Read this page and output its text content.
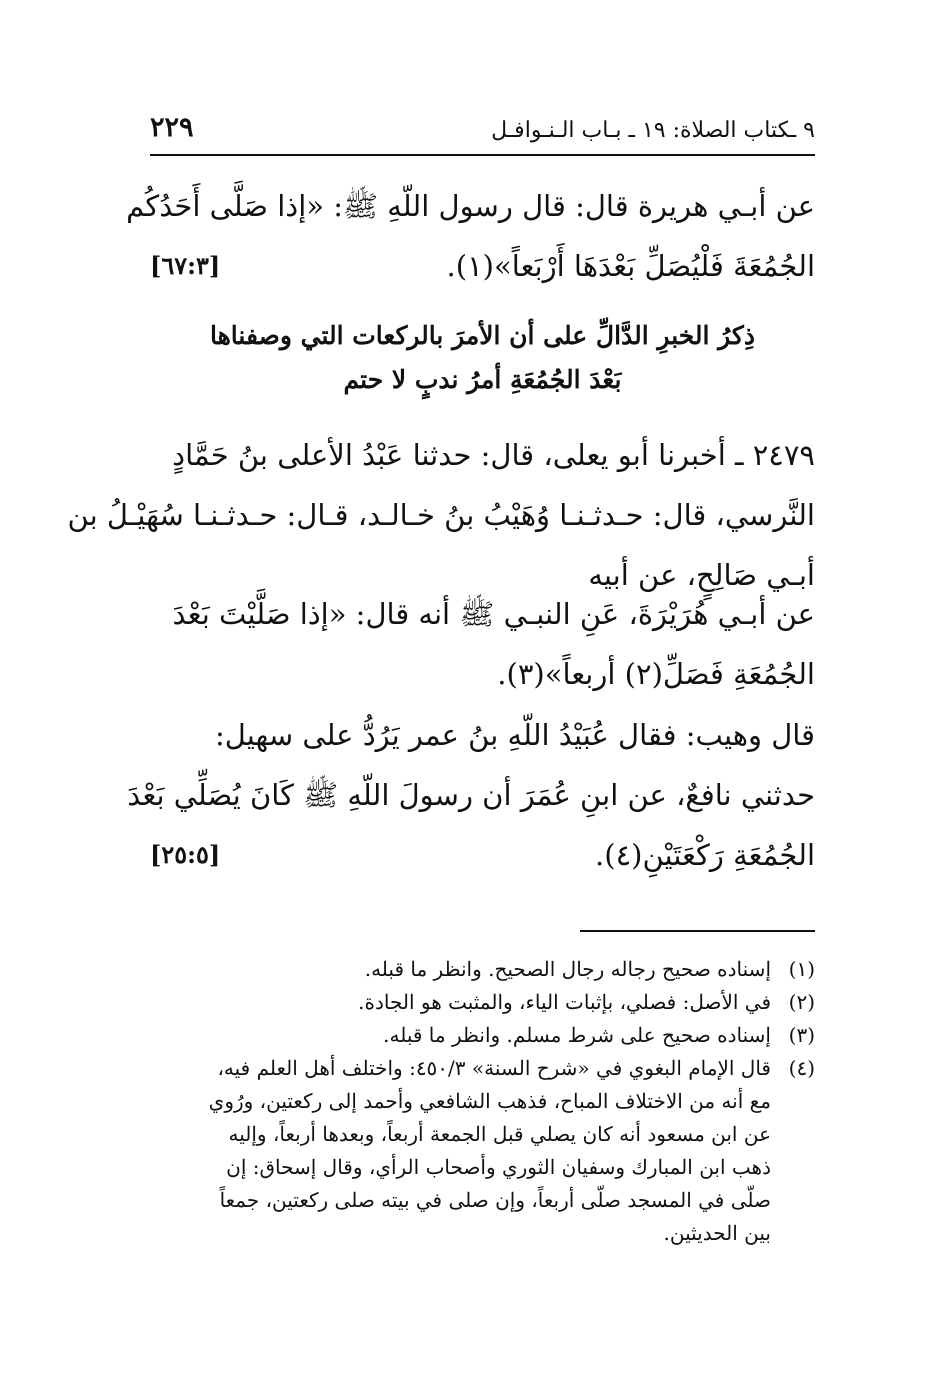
٩ ـكتاب الصلاة: ١٩ ـ بـاب الـنـوافـل
٢٢٩
عن أبـي هريرة قال: قال رسول اللّهِ ﷺ: «إذا صَلَّى أَحَدُكُم
الجُمُعَةَ فَلْيُصَلِّ بَعْدَهَا أَرْبَعاً»(١).
[٦٧:٣]
ذِكرُ الخبرِ الدَّالِّ على أن الأمرَ بالركعات التي وصفناها
بَعْدَ الجُمُعَةِ أمرُ ندبٍ لا حتم
٢٤٧٩ ـ أخبرنا أبو يعلى، قال: حدثنا عَبْدُ الأعلى بنُ حَمَّادٍ
النَّرسي، قال: حـدثـنـا وُهَيْبُ بنُ خـالـد، قـال: حـدثـنـا سُهَيْـلُ بن
أبـي صَالِحٍ، عن أبيه
عن أبـي هُرَيْرَةَ، عَنِ النبـي ﷺ أنه قال: «إذا صَلَّيْتَ بَعْدَ
الجُمُعَةِ فَصَلِّ(٢) أربعاً»(٣).
قال وهيب: فقال عُبَيْدُ اللّهِ بنُ عمر يَرُدُّ على سهيل:
حدثني نافعٌ، عن ابنِ عُمَرَ أن رسولَ اللّهِ ﷺ كَانَ يُصَلِّي بَعْدَ
الجُمُعَةِ رَكْعَتَيْنِ(٤).
[٢٥:٥]
(١)
إسناده صحيح رجاله رجال الصحيح. وانظر ما قبله.
(٢)
في الأصل: فصلي، بإثبات الياء، والمثبت هو الجادة.
(٣)
إسناده صحيح على شرط مسلم. وانظر ما قبله.
(٤)
قال الإمام البغوي في «شرح السنة» ٤٥٠/٣: واختلف أهل العلم فيه،
مع أنه من الاختلاف المباح، فذهب الشافعي وأحمد إلى ركعتين، ورُوي
عن ابن مسعود أنه كان يصلي قبل الجمعة أربعاً، وبعدها أربعاً، وإليه
ذهب ابن المبارك وسفيان الثوري وأصحاب الرأي، وقال إسحاق: إن
صلّى في المسجد صلّى أربعاً، وإن صلى في بيته صلى ركعتين، جمعاً
بين الحديثين.
